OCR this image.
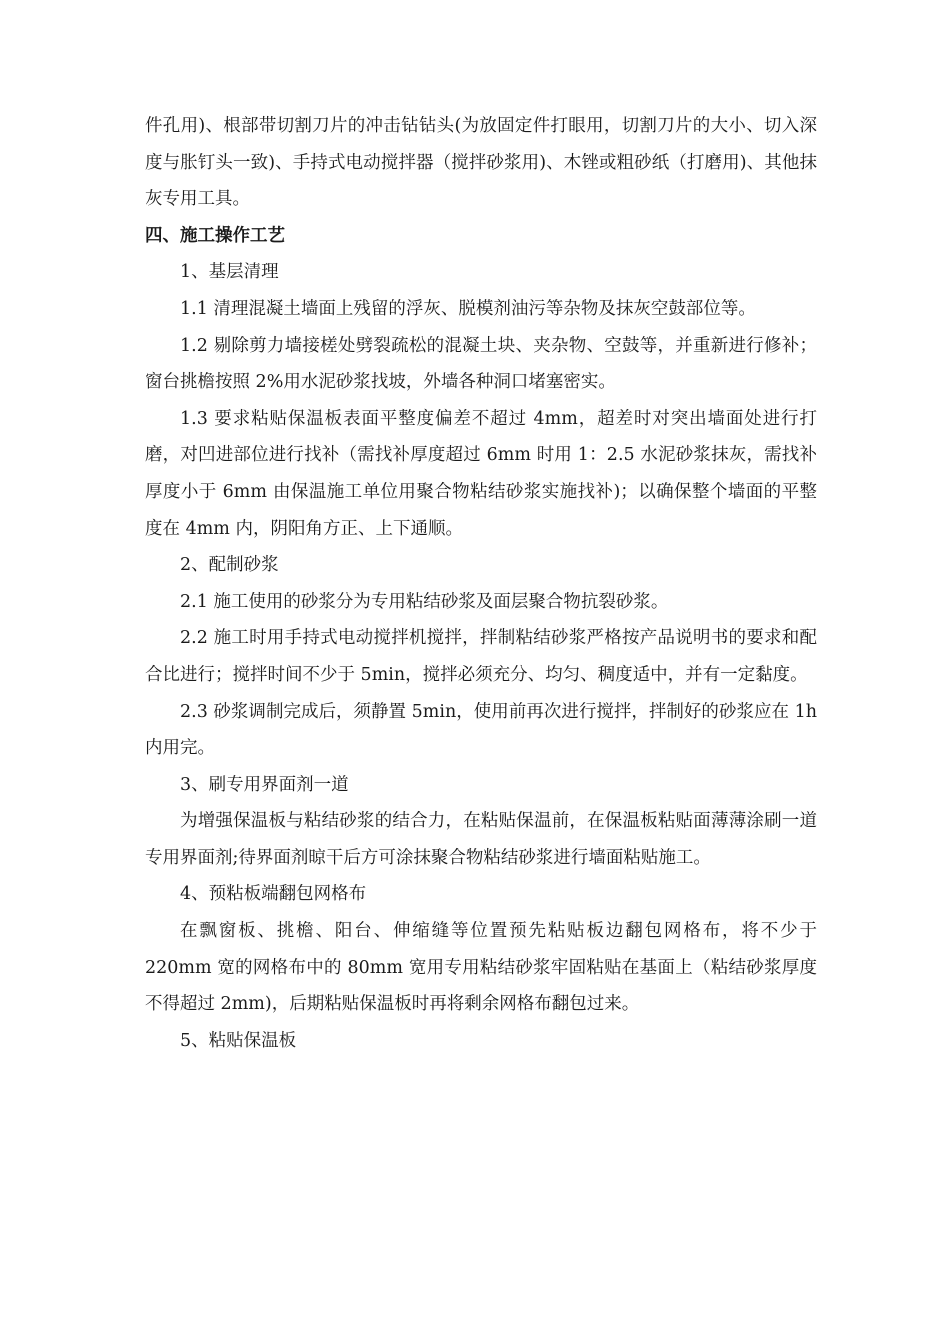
件孔用)、根部带切割刀片的冲击钻钻头(为放固定件打眼用，切割刀片的大小、切入深度与胀钉头一致)、手持式电动搅拌器（搅拌砂浆用)、木锉或粗砂纸（打磨用)、其他抹灰专用工具。

四、施工操作工艺

1、基层清理

1.1 清理混凝土墙面上残留的浮灰、脱模剂油污等杂物及抹灰空鼓部位等。

1.2 剔除剪力墙接槎处劈裂疏松的混凝土块、夹杂物、空鼓等，并重新进行修补；窗台挑檐按照 2%用水泥砂浆找坡，外墙各种洞口堵塞密实。

1.3 要求粘贴保温板表面平整度偏差不超过 4mm，超差时对突出墙面处进行打磨，对凹进部位进行找补（需找补厚度超过 6mm 时用 1：2.5 水泥砂浆抹灰，需找补厚度小于 6mm 由保温施工单位用聚合物粘结砂浆实施找补)；以确保整个墙面的平整度在 4mm 内，阴阳角方正、上下通顺。

2、配制砂浆

2.1 施工使用的砂浆分为专用粘结砂浆及面层聚合物抗裂砂浆。

2.2 施工时用手持式电动搅拌机搅拌，拌制粘结砂浆严格按产品说明书的要求和配合比进行；搅拌时间不少于 5min，搅拌必须充分、均匀、稠度适中，并有一定黏度。

2.3 砂浆调制完成后，须静置 5min，使用前再次进行搅拌，拌制好的砂浆应在 1h 内用完。

3、刷专用界面剂一道

为增强保温板与粘结砂浆的结合力，在粘贴保温前，在保温板粘贴面薄薄涂刷一道专用界面剂;待界面剂晾干后方可涂抹聚合物粘结砂浆进行墙面粘贴施工。

4、预粘板端翻包网格布

在飘窗板、挑檐、阳台、伸缩缝等位置预先粘贴板边翻包网格布，将不少于220mm 宽的网格布中的 80mm 宽用专用粘结砂浆牢固粘贴在基面上（粘结砂浆厚度不得超过 2mm)，后期粘贴保温板时再将剩余网格布翻包过来。

5、粘贴保温板
